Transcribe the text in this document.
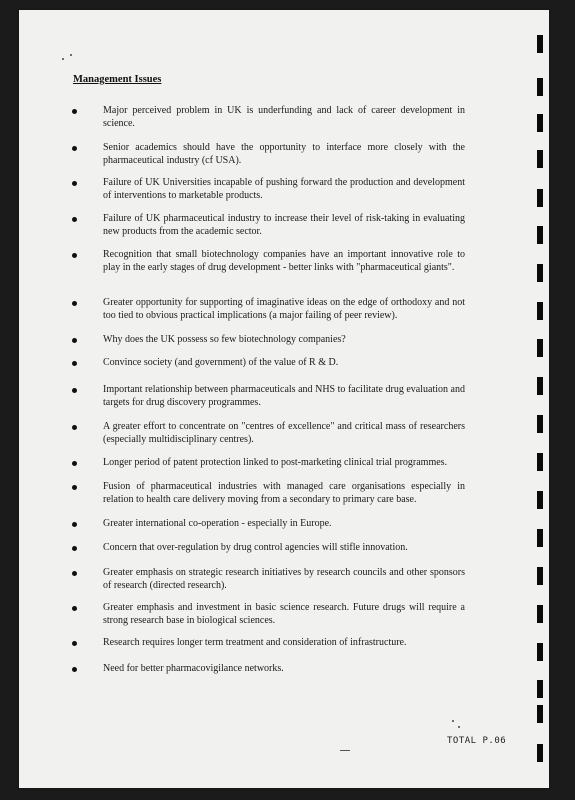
Management Issues
Major perceived problem in UK is underfunding and lack of career development in science.
Senior academics should have the opportunity to interface more closely with the pharmaceutical industry (cf USA).
Failure of UK Universities incapable of pushing forward the production and development of interventions to marketable products.
Failure of UK pharmaceutical industry to increase their level of risk-taking in evaluating new products from the academic sector.
Recognition that small biotechnology companies have an important innovative role to play in the early stages of drug development - better links with "pharmaceutical giants".
Greater opportunity for supporting of imaginative ideas on the edge of orthodoxy and not too tied to obvious practical implications (a major failing of peer review).
Why does the UK possess so few biotechnology companies?
Convince society (and government) of the value of R & D.
Important relationship between pharmaceuticals and NHS to facilitate drug evaluation and targets for drug discovery programmes.
A greater effort to concentrate on "centres of excellence" and critical mass of researchers (especially multidisciplinary centres).
Longer period of patent protection linked to post-marketing clinical trial programmes.
Fusion of pharmaceutical industries with managed care organisations especially in relation to health care delivery moving from a secondary to primary care base.
Greater international co-operation - especially in Europe.
Concern that over-regulation by drug control agencies will stifle innovation.
Greater emphasis on strategic research initiatives by research councils and other sponsors of research (directed research).
Greater emphasis and investment in basic science research. Future drugs will require a strong research base in biological sciences.
Research requires longer term treatment and consideration of infrastructure.
Need for better pharmacovigilance networks.
TOTAL P.06
